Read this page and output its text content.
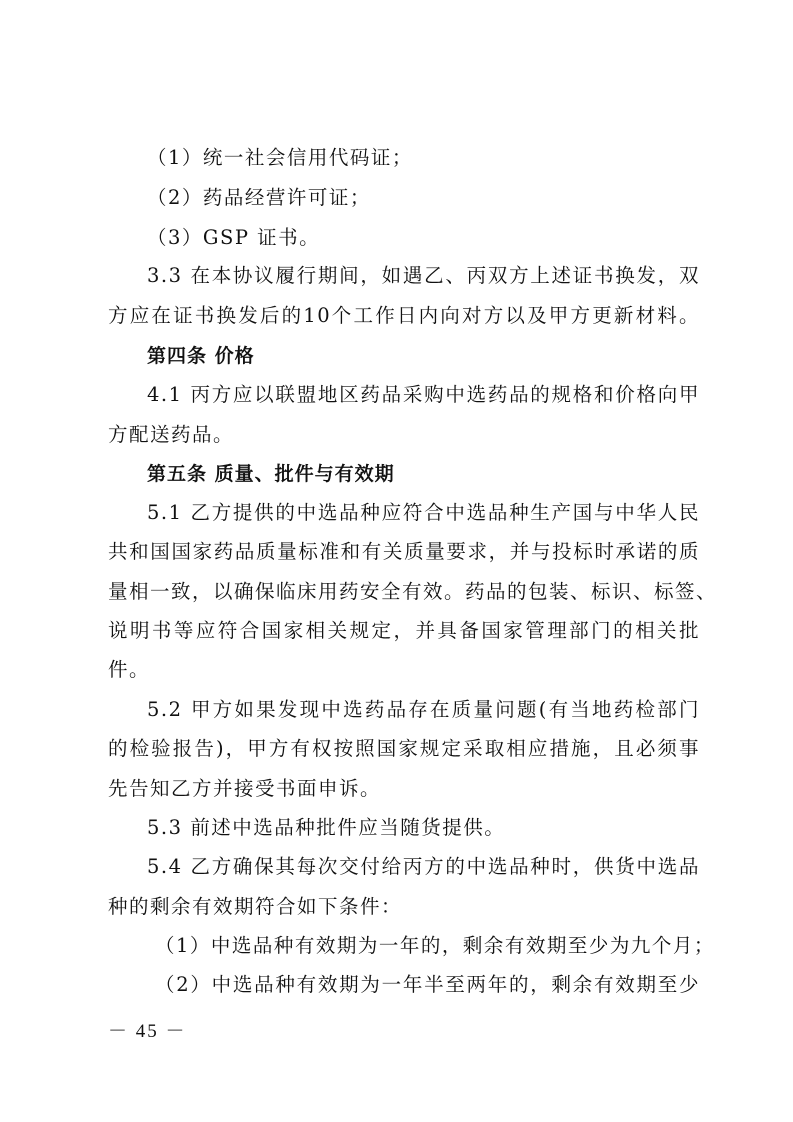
（1）统一社会信用代码证；
（2）药品经营许可证；
（3）GSP 证书。
3.3 在本协议履行期间，如遇乙、丙双方上述证书换发，双
方应在证书换发后的10个工作日内向对方以及甲方更新材料。
第四条 价格
4.1 丙方应以联盟地区药品采购中选药品的规格和价格向甲
方配送药品。
第五条 质量、批件与有效期
5.1 乙方提供的中选品种应符合中选品种生产国与中华人民
共和国国家药品质量标准和有关质量要求，并与投标时承诺的质
量相一致，以确保临床用药安全有效。药品的包装、标识、标签、
说明书等应符合国家相关规定，并具备国家管理部门的相关批
件。
5.2 甲方如果发现中选药品存在质量问题(有当地药检部门
的检验报告)，甲方有权按照国家规定采取相应措施，且必须事
先告知乙方并接受书面申诉。
5.3 前述中选品种批件应当随货提供。
5.4 乙方确保其每次交付给丙方的中选品种时，供货中选品
种的剩余有效期符合如下条件：
（1）中选品种有效期为一年的，剩余有效期至少为九个月；
（2）中选品种有效期为一年半至两年的，剩余有效期至少
－ 45 －
